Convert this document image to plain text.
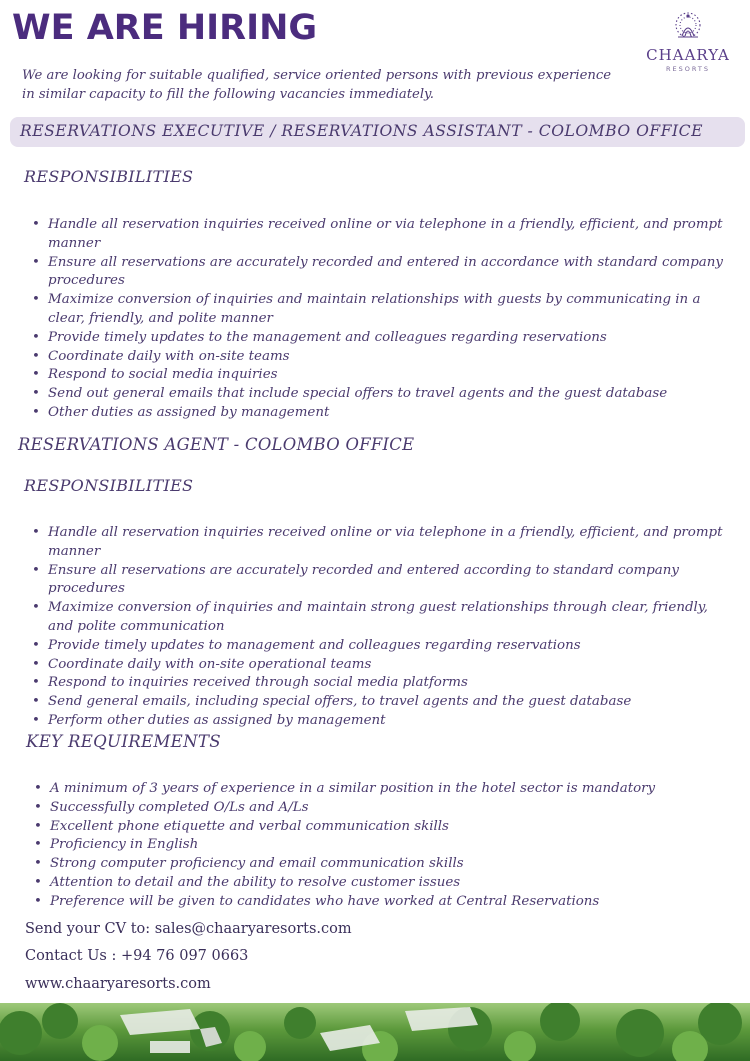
WE ARE HIRING

We are looking for suitable qualified, service oriented persons with previous experience in similar capacity to fill the following vacancies immediately.

CHAARYA
RESORTS
RESERVATIONS EXECUTIVE / RESERVATIONS ASSISTANT - COLOMBO OFFICE
RESPONSIBILITIES
• Handle all reservation inquiries received online or via telephone in a friendly, efficient, and prompt manner
• Ensure all reservations are accurately recorded and entered in accordance with standard company procedures
• Maximize conversion of inquiries and maintain relationships with guests by communicating in a clear, friendly, and polite manner
• Provide timely updates to the management and colleagues regarding reservations
• Coordinate daily with on-site teams
• Respond to social media inquiries
• Send out general emails that include special offers to travel agents and the guest database
• Other duties as assigned by management
RESERVATIONS AGENT - COLOMBO OFFICE
RESPONSIBILITIES
• Handle all reservation inquiries received online or via telephone in a friendly, efficient, and prompt manner
• Ensure all reservations are accurately recorded and entered according to standard company procedures
• Maximize conversion of inquiries and maintain strong guest relationships through clear, friendly, and polite communication
• Provide timely updates to management and colleagues regarding reservations
• Coordinate daily with on-site operational teams
• Respond to inquiries received through social media platforms
• Send general emails, including special offers, to travel agents and the guest database
• Perform other duties as assigned by management
KEY REQUIREMENTS
• A minimum of 3 years of experience in a similar position in the hotel sector is mandatory
• Successfully completed O/Ls and A/Ls
• Excellent phone etiquette and verbal communication skills
• Proficiency in English
• Strong computer proficiency and email communication skills
• Attention to detail and the ability to resolve customer issues
• Preference will be given to candidates who have worked at Central Reservations
Send your CV to: sales@chaaryaresorts.com
Contact Us : +94 76 097 0663
www.chaaryaresorts.com
